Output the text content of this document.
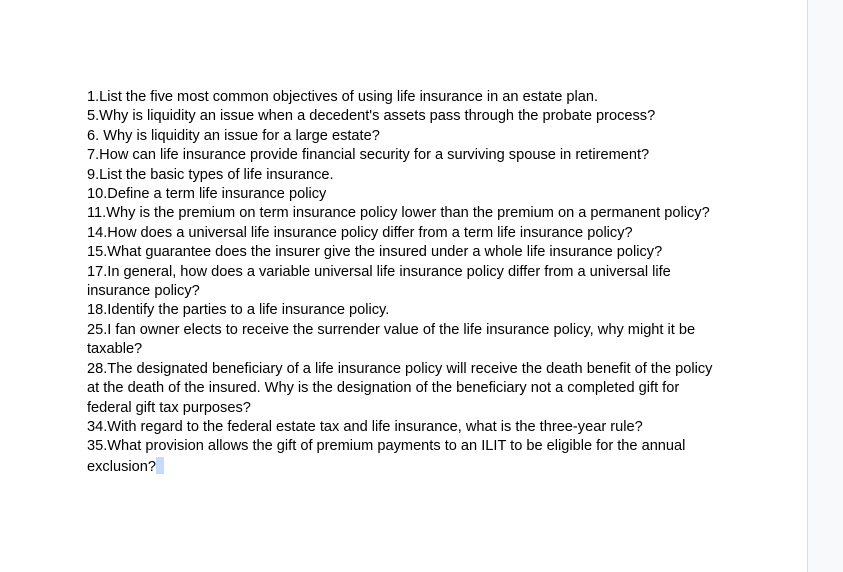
1.List the five most common objectives of using life insurance in an estate plan.

5.Why is liquidity an issue when a decedent's assets pass through the probate process?

6. Why is liquidity an issue for a large estate?

7.How can life insurance provide financial security for a surviving spouse in retirement?

9.List the basic types of life insurance.

10.Define a term life insurance policy

11.Why is the premium on term insurance policy lower than the premium on a permanent policy?

14.How does a universal life insurance policy differ from a term life insurance policy?

15.What guarantee does the insurer give the insured under a whole life insurance policy?

17.In general, how does a variable universal life insurance policy differ from a universal life insurance policy?

18.Identify the parties to a life insurance policy.

25.I fan owner elects to receive the surrender value of the life insurance policy, why might it be taxable?

28.The designated beneficiary of a life insurance policy will receive the death benefit of the policy at the death of the insured. Why is the designation of the beneficiary not a completed gift for federal gift tax purposes?

34.With regard to the federal estate tax and life insurance, what is the three-year rule?

35.What provision allows the gift of premium payments to an ILIT to be eligible for the annual exclusion?
